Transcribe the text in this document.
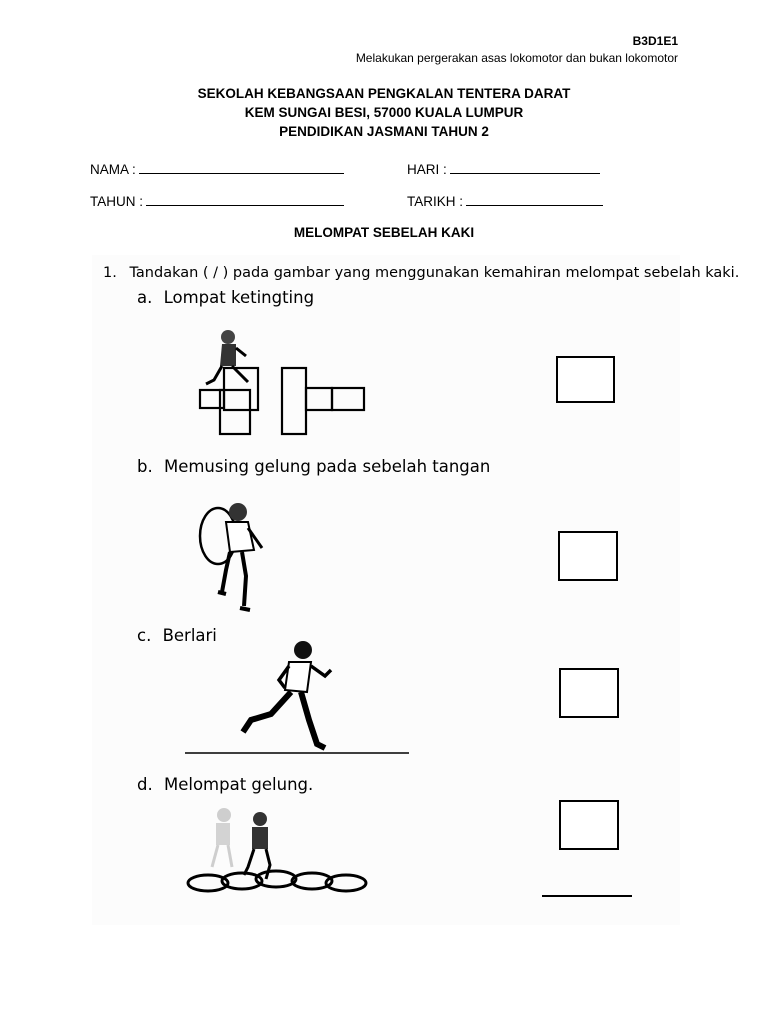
B3D1E1
Melakukan pergerakan asas lokomotor dan bukan lokomotor
SEKOLAH KEBANGSAAN PENGKALAN TENTERA DARAT
KEM SUNGAI BESI, 57000 KUALA LUMPUR
PENDIDIKAN JASMANI TAHUN 2
NAMA :	HARI :
TAHUN :	TARIKH :
MELOMPAT SEBELAH KAKI
1. Tandakan ( / ) pada gambar yang menggunakan kemahiran melompat sebelah kaki.
a. Lompat ketingting
b. Memusing gelung pada sebelah tangan
c. Berlari
d. Melompat gelung.
